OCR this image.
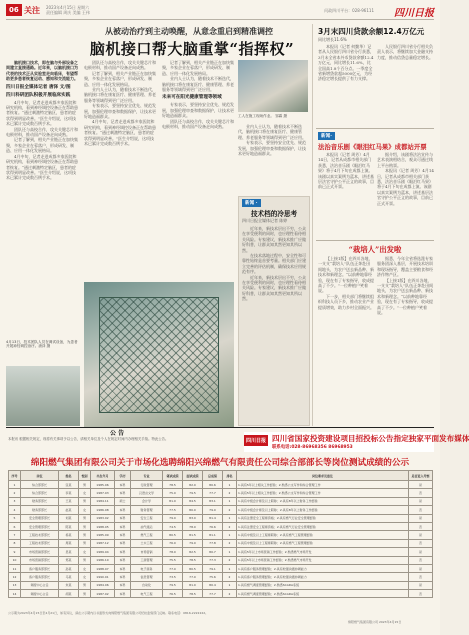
06 关注 2023年4月15日 星期六
责任编辑 周庆 美编 王伟	问政四川平台：028-96111 四川日报
从被动治疗到主动唤醒，从意念重启到精准调控
脑机接口帮大脑重掌“指挥权”

脑机接口技术，即在脑与外部设备之间建立直接通路。近年来，以脑机接口为代表的技术正从实验室走向临床，有望帮助更多患者恢复运动、感知和交流能力。

四川日报全媒体记者 唐泽 文/图
四川科研团队积极开展临床实践

4月中旬，记者走进成都多家医院和研究机构，看到神经调控设备正在帮助患者恢复。“通过刺激特定脑区，患者的症状得到明显改善。”医生介绍说，这项技术已累计完成数百例手术。

团队还与高校合作，攻关关键芯片和电极材料，推动国产设备走向成熟。

记者了解到，相关产业链正在加快集聚，多家企业在蓉落户，形成研发、制造、应用一体化发展格局。

4月中旬，记者走进成都多家医院和研究机构，看到神经调控设备正在帮助患者恢复。“通过刺激特定脑区，患者的症状得到明显改善。”医生介绍说，这项技术已累计完成数百例手术。

团队还与高校合作，攻关关键芯片和电极材料，推动国产设备走向成熟。

记者了解到，相关产业链正在加快集聚，多家企业在蓉落户，形成研发、制造、应用一体化发展格局。

业内人士认为，随着技术不断迭代，脑机接口将在康复医疗、健康管理、养老服务等领域得到更广泛应用。

专家表示，要坚持安全优先、规范发展，加强伦理审查和数据保护，让技术更好地造福群众。

4月中旬，记者走进成都多家医院和研究机构，看到神经调控设备正在帮助患者恢复。“通过刺激特定脑区，患者的症状得到明显改善。”医生介绍说，这项技术已累计完成数百例手术。

记者了解到，相关产业链正在加快集聚，多家企业在蓉落户，形成研发、制造、应用一体化发展格局。

业内人士认为，随着技术不断迭代，脑机接口将在康复医疗、健康管理、养老服务等领域得到更广泛应用。

未来可在阳光健康管理等领域

专家表示，要坚持安全优先、规范发展，加强伦理审查和数据保护，让技术更好地造福群众。

团队还与高校合作，攻关关键芯片和电极材料，推动国产设备走向成熟。

4月13日，技术团队人员在调试设备，为患者开展神经调控治疗。唐泽 摄
工人在施工现场作业。 邹霖 摄

业内人士认为，随着技术不断迭代，脑机接口将在康复医疗、健康管理、养老服务等领域得到更广泛应用。

专家表示，要坚持安全优先、规范发展，加强伦理审查和数据保护，让技术更好地造福群众。

3月末四川贷款余额12.4万亿元
同比增长11.6%

本报讯（记者 何勤华）记者从人民银行四川省分行获悉，3月末全省本外币贷款余额12.4万亿元，同比增长11.6%，比全国高1.8个百分点。一季度全省新增贷款超5000亿元，为经济稳定增长提供了有力支撑。

人民银行四川省分行相关负责人表示，将继续加大金融支持力度，推动信贷总量稳定增长。

新闻 ·
技术档的冷思考
四川日报全媒体记者 陈婷

近年来，新技术层出不穷，公众在享受便利的同时，也应理性看待相关风险。专家建议，新技术推广应做好科普，让群众知其然更知其所以然。

在技术落地过程中，安全性和可靠性始终是首要考量。相关部门应建立完善的评估机制，确保技术应用规范有序。

近年来，新技术层出不穷，公众在享受便利的同时，也应理性看待相关风险。专家建议，新技术推广应做好科普，让群众知其然更知其所以然。

新闻·
法治音乐剧《眼泪红马果》成都站开票

本报讯（记者 周芳）4月14日，记者从成都市相关部门获悉，法治音乐剧《眼泪红马果》将于4月下旬在成都上演。该剧以真实案例为蓝本，讲述基层法官守护公平正义的故事，目前已正式开票。

据介绍，该剧将法治宣传与艺术表演相结合，观众可通过线上平台购票。

本报讯（记者 周芳）4月14日，记者从成都市相关部门获悉，法治音乐剧《眼泪红马果》将于4月下旬在成都上演。该剧以真实案例为蓝本，讲述基层法官守护公平正义的故事，目前已正式开票。

“栽培人”出发啦

【上接1版】在四川各地，一支支“栽培人”队伍正奔赴田间地头，为农户送去新品种、新技术和新理念。“以前种地靠经验，现在有了专家指导，收成提高了不少。”一位种植户笑着说。

下一步，相关部门将继续组织科技人员下乡，推动农业产业提质增效，助力乡村全面振兴。

据悉，今年全省将选派专家服务团深入基层，开展技术培训和现场指导，覆盖主要粮食和经济作物产区。

【上接1版】在四川各地，一支支“栽培人”队伍正奔赴田间地头，为农户送去新品种、新技术和新理念。“以前种地靠经验，现在有了专家指导，收成提高了不少。”一位种植户笑着说。

公 告
本报讯 根据相关规定，现将有关事项予以公告，请相关单位及个人在规定时间内办理相关手续。特此公告。	四川日报 四川省国家投资建设项目招投标公告指定独家平面发布媒体
联系电话:028-86968356 86968953
绵阳燃气集团有限公司关于市场化选聘绵阳兴绵燃气有限责任公司综合部部长等岗位测试成绩的公示
序号	岗位	姓名	性别	出生年月	学历	专业	笔试成绩	面试成绩	总成绩	排名	岗位要求及备注	是否进入考察
1	综合部部长	张某	男	1985.06	本科	行政管理	78.5	82.0	80.6	1	1.具有5年以上相关工作经验；2.熟悉公文写作和综合管理工作	是
2	综合部部长	李某	女	1987.03	本科	汉语言文学	75.0	79.5	77.7	2	1.具有5年以上相关工作经验；2.熟悉公文写作和综合管理工作	否
3	财务部部长	王某	男	1984.11	硕士	会计学	81.0	84.5	83.1	1	1.具有中级会计师及以上职称；2.具有8年以上财务工作经验	是
4	财务部部长	赵某	女	1986.08	本科	财务管理	77.5	80.0	79.0	2	1.具有中级会计师及以上职称；2.具有8年以上财务工作经验	否
5	安全管理部部长	刘某	男	1983.02	本科	安全工程	79.0	83.0	81.4	1	1.具有注册安全工程师资格；2.具有燃气行业安全管理经验	是
6	安全管理部部长	陈某	男	1988.05	本科	油气储运	74.5	78.0	76.6	2	1.具有注册安全工程师资格；2.具有燃气行业安全管理经验	否
7	工程技术部部长	杨某	男	1985.09	本科	燃气工程	80.5	81.5	81.1	1	1.具有中级及以上工程师职称；2.具有燃气工程管理经验	是
8	工程技术部部长	周某	男	1987.12	本科	土木工程	76.0	79.0	77.8	2	1.具有中级及以上工程师职称；2.具有燃气工程管理经验	否
9	市场营销部部长	吴某	女	1989.04	本科	市场营销	78.0	82.5	80.7	1	1.具有5年以上市场营销工作经验；2.熟悉燃气市场开发	是
10	市场营销部部长	郑某	男	1986.10	本科	工商管理	75.5	78.5	77.3	2	1.具有5年以上市场营销工作经验；2.熟悉燃气市场开发	否
11	客户服务部部长	孙某	女	1988.07	本科	电子商务	77.0	80.5	79.1	1	1.具有客户服务管理经验；2.具有较强沟通协调能力	是
12	客户服务部部长	马某	女	1990.01	本科	信息管理	73.5	77.0	75.6	2	1.具有客户服务管理经验；2.具有较强沟通协调能力	否
13	调度中心主任	朱某	男	1984.06	本科	自动化	79.5	81.0	80.4	1	1.具有燃气调度管理经验；2.熟悉SCADA系统	是
14	调度中心主任	胡某	男	1987.02	本科	电气工程	76.5	78.5	77.7	2	1.具有燃气调度管理经验；2.熟悉SCADA系统	否
公示期为2023年4月15日至4月21日，如有异议，请在公示期内以书面形式向绵阳燃气集团有限公司纪检监察部门反映。联系电话：0816-2222222。
绵阳燃气集团有限公司 2023年4月15日
